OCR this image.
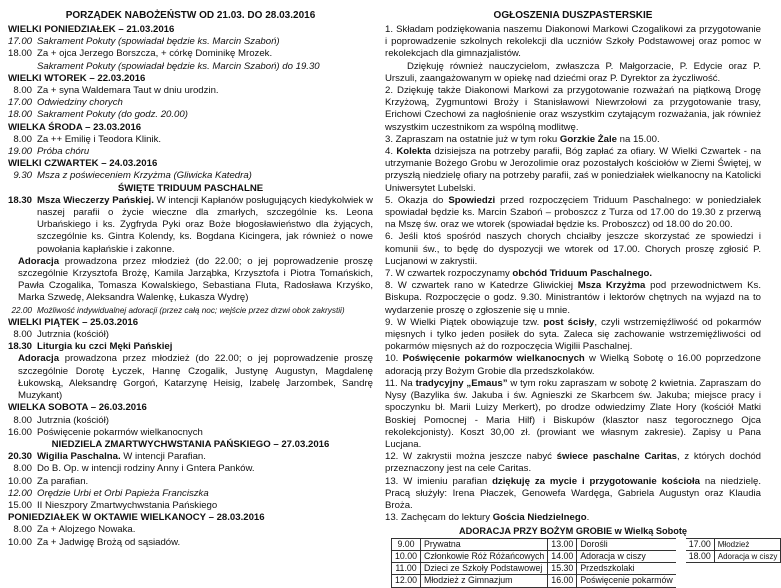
PORZĄDEK NABOŻEŃSTW OD 21.03. DO 28.03.2016
WIELKI PONIEDZIAŁEK – 21.03.2016
17.00 Sakrament Pokuty (spowiadał będzie ks. Marcin Szaboń)
18.00 Za + ojca Jerzego Borszcza, + córkę Dominikę Mrozek.
Sakrament Pokuty (spowiadał będzie ks. Marcin Szaboń) do 19.30
WIELKI WTOREK – 22.03.2016
8.00 Za + syna Waldemara Taut w dniu urodzin.
17.00 Odwiedziny chorych
18.00 Sakrament Pokuty (do godz. 20.00)
WIELKA ŚRODA – 23.03.2016
8.00 Za ++ Emilię i Teodora Klinik.
19.00 Próba chóru
WIELKI CZWARTEK – 24.03.2016
9.30 Msza z poświeceniem Krzyżma (Gliwicka Katedra)
ŚWIĘTE TRIDUUM PASCHALNE
18.30 Msza Wieczerzy Pańskiej. W intencji Kapłanów posługujących kiedykolwiek w naszej parafii o życie wieczne dla zmarłych, szczególnie ks. Leona Urbańskiego i ks. Zygfryda Pyki oraz Boże błogosławieństwo dla żyjących, szczególnie ks. Gintra Kolendy, ks. Bogdana Kicingera, jak również o nowe powołania kapłańskie i zakonne.
Adoracja prowadzona przez młodzież (do 22.00; o jej poprowadzenie proszę szczególnie Krzysztofa Brożę, Kamila Jarząbka, Krzysztofa i Piotra Tomańskich, Pawła Czogalika, Tomasza Kowalskiego, Sebastiana Fluta, Radosława Krzyśko, Marka Szwedę, Aleksandra Walenkę, Łukasza Wydrę)
22.00 Możliwość indywidualnej adoracji (przez całą noc; wejście przez drzwi obok zakrystii)
WIELKI PIĄTEK – 25.03.2016
8.00 Jutrznia (kościół)
18.30 Liturgia ku czci Męki Pańskiej
Adoracja prowadzona przez młodzież (do 22.00; o jej poprowadzenie proszę szczególnie Dorotę Łyczek, Hannę Czogalik, Justynę Augustyn, Magdalenę Łukowską, Aleksandrę Gorgoń, Katarzynę Heisig, Izabelę Jarzombek, Sandrę Muzykant)
WIELKA SOBOTA – 26.03.2016
8.00 Jutrznia (kościół)
16.00 Poświęcenie pokarmów wielkanocnych
NIEDZIELA ZMARTWYCHWSTANIA PAŃSKIEGO – 27.03.2016
20.30 Wigilia Paschalna. W intencji Parafian.
8.00 Do B. Op. w intencji rodziny Anny i Gntera Panków.
10.00 Za parafian.
12.00 Orędzie Urbi et Orbi Papieża Franciszka
15.00 II Nieszpory Zmartwychwstania Pańskiego
PONIEDZIAŁEK W OKTAWIE WIELKANOCY – 28.03.2016
8.00 Za + Alojzego Nowaka.
10.00 Za + Jadwigę Brożą od sąsiadów.
OGŁOSZENIA DUSZPASTERSKIE

1. Składam podziękowania naszemu Diakonowi Markowi Czogalikowi za przygotowanie i poprowadzenie szkolnych rekolekcji dla uczniów Szkoły Podstawowej oraz pomoc w rekolekcjach dla gimnazjalistów.

Dziękuję również nauczycielom, zwłaszcza P. Małgorzacie, P. Edycie oraz P. Urszuli, zaangażowanym w opiekę nad dziećmi oraz P. Dyrektor za życzliwość.

2. Dziękuję także Diakonowi Markowi za przygotowanie rozważań na piątkową Drogę Krzyżową, Zygmuntowi Broży i Stanisławowi Niewrzołowi za przygotowanie trasy, Erichowi Czechowi za nagłośnienie oraz wszystkim czytającym rozważania, jak również wszystkim uczestnikom za wspólną modlitwę.

3. Zapraszam na ostatnie już w tym roku Gorzkie Żale na 15.00.

4. Kolekta dzisiejsza na potrzeby parafii, Bóg zapłać za ofiary. W Wielki Czwartek - na utrzymanie Bożego Grobu w Jerozolimie oraz pozostałych kościołów w Ziemi Świętej, w przyszłą niedzielę ofiary na potrzeby parafii, zaś w poniedziałek wielkanocny na Katolicki Uniwersytet Lubelski.

5. Okazja do Spowiedzi przed rozpoczęciem Triduum Paschalnego: w poniedziałek spowiadał będzie ks. Marcin Szaboń – proboszcz z Turza od 17.00 do 19.30 z przerwą na Mszę św. oraz we wtorek (spowiadał będzie ks. Proboszcz) od 18.00 do 20.00.

6. Jeśli ktoś spośród naszych chorych chciałby jeszcze skorzystać ze spowiedzi i komunii św., to będę do dyspozycji we wtorek od 17.00. Chorych proszę zgłosić P. Lucjanowi w zakrystii.

7. W czwartek rozpoczynamy obchód Triduum Paschalnego.

8. W czwartek rano w Katedrze Gliwickiej Msza Krzyżma pod przewodnictwem Ks. Biskupa. Rozpoczęcie o godz. 9.30. Ministrantów i lektorów chętnych na wyjazd na to wydarzenie proszę o zgłoszenie się u mnie.

9. W Wielki Piątek obowiązuje tzw. post ścisły, czyli wstrzemięźliwość od pokarmów mięsnych i tylko jeden posiłek do syta. Zaleca się zachowanie wstrzemięźliwości od pokarmów mięsnych aż do rozpoczęcia Wigilii Paschalnej.

10. Poświęcenie pokarmów wielkanocnych w Wielką Sobotę o 16.00 poprzedzone adoracją przy Bożym Grobie dla przedszkolaków.

11. Na tradycyjny „Emaus” w tym roku zapraszam w sobotę 2 kwietnia. Zapraszam do Nysy (Bazylika św. Jakuba i św. Agnieszki ze Skarbcem św. Jakuba; miejsce pracy i spoczynku bł. Marii Luizy Merkert), po drodze odwiedzimy Zlate Hory (kościół Matki Boskiej Pomocnej - Maria Hilf) i Biskupów (klasztor nasz tegorocznego Ojca rekolekcjonisty). Koszt 30,00 zł. (prowiant we własnym zakresie). Zapisy u Pana Lucjana.

12. W zakrystii można jeszcze nabyć świece paschalne Caritas, z których dochód przeznaczony jest na cele Caritas.

13. W imieniu parafian dziękuję za mycie i przygotowanie kościoła na niedzielę. Pracą służyły: Irena Płaczek, Genowefa Wardęga, Gabriela Augustyn oraz Klaudia Broża.

13. Zachęcam do lektury Gościa Niedzielnego.

ADORACJA PRZY BOŻYM GROBIE w Wielką Sobotę
9.00	Prywatna	13.00	Dorośli	17.00	Młodzież
10.00	Członkowie Róż Różańcowych	14.00	Adoracja w ciszy	18.00	Adoracja w ciszy
11.00	Dzieci ze Szkoły Podstawowej	15.30	Przedszkolaki		
12.00	Młodzież z Gimnazjum	16.00	Poświęcenie pokarmów		
